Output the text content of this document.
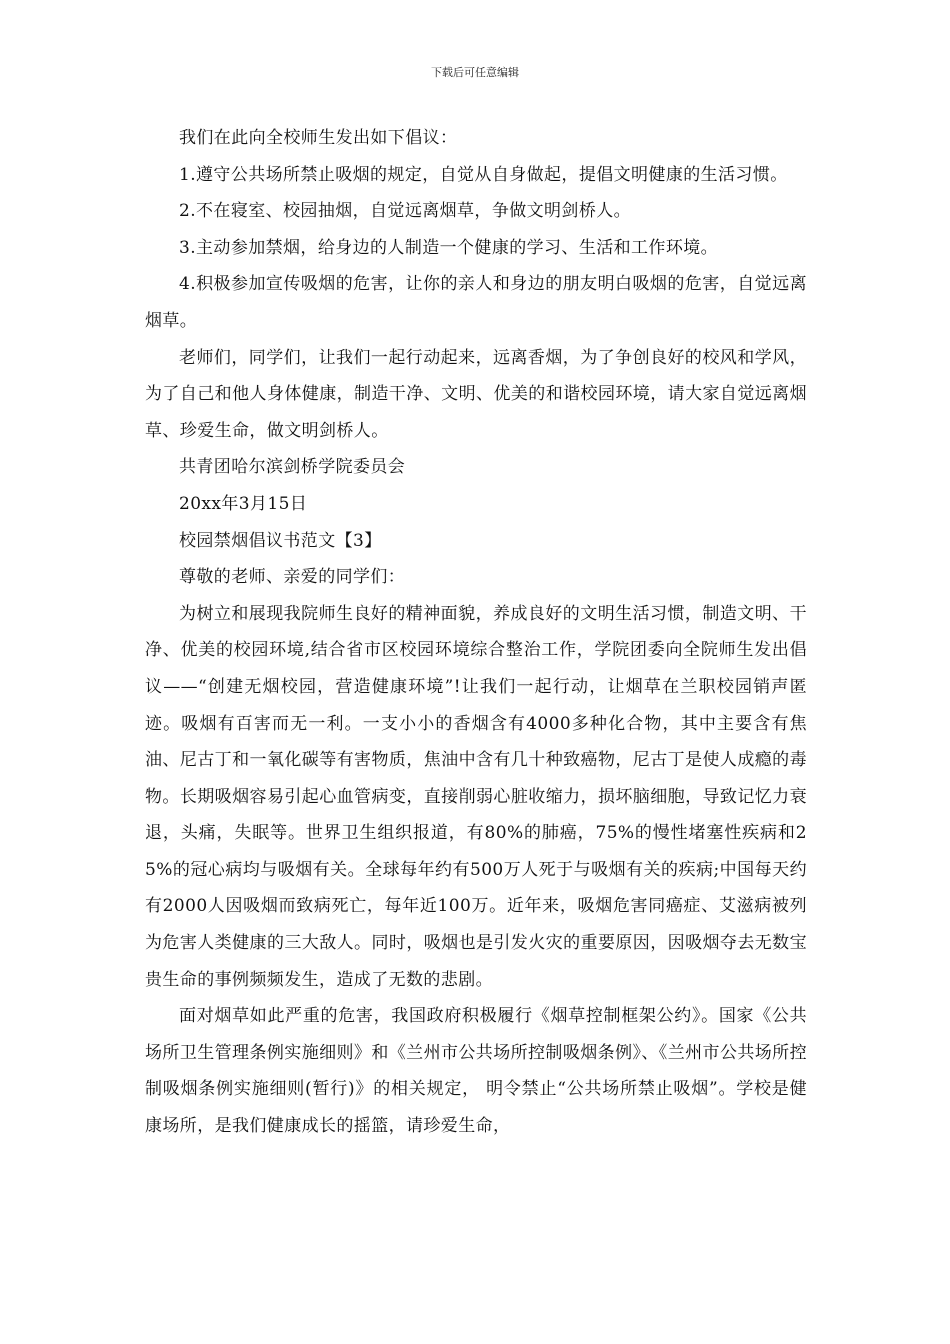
下载后可任意编辑

我们在此向全校师生发出如下倡议：

1.遵守公共场所禁止吸烟的规定，自觉从自身做起，提倡文明健康的生活习惯。

2.不在寝室、校园抽烟，自觉远离烟草，争做文明剑桥人。

3.主动参加禁烟，给身边的人制造一个健康的学习、生活和工作环境。

4.积极参加宣传吸烟的危害，让你的亲人和身边的朋友明白吸烟的危害，自觉远离烟草。

老师们，同学们，让我们一起行动起来，远离香烟，为了争创良好的校风和学风，为了自己和他人身体健康，制造干净、文明、优美的和谐校园环境，请大家自觉远离烟草、珍爱生命，做文明剑桥人。

共青团哈尔滨剑桥学院委员会

20xx年3月15日

校园禁烟倡议书范文【3】

尊敬的老师、亲爱的同学们：

为树立和展现我院师生良好的精神面貌，养成良好的文明生活习惯，制造文明、干净、优美的校园环境,结合省市区校园环境综合整治工作，学院团委向全院师生发出倡议——“创建无烟校园，营造健康环境”!让我们一起行动，让烟草在兰职校园销声匿迹。吸烟有百害而无一利。一支小小的香烟含有4000多种化合物，其中主要含有焦油、尼古丁和一氧化碳等有害物质，焦油中含有几十种致癌物，尼古丁是使人成瘾的毒物。长期吸烟容易引起心血管病变，直接削弱心脏收缩力，损坏脑细胞，导致记忆力衰退，头痛，失眠等。世界卫生组织报道，有80%的肺癌，75%的慢性堵塞性疾病和25%的冠心病均与吸烟有关。全球每年约有500万人死于与吸烟有关的疾病;中国每天约有2000人因吸烟而致病死亡，每年近100万。近年来，吸烟危害同癌症、艾滋病被列为危害人类健康的三大敌人。同时，吸烟也是引发火灾的重要原因，因吸烟夺去无数宝贵生命的事例频频发生，造成了无数的悲剧。

面对烟草如此严重的危害，我国政府积极履行《烟草控制框架公约》。国家《公共场所卫生管理条例实施细则》和《兰州市公共场所控制吸烟条例》、《兰州市公共场所控制吸烟条例实施细则(暂行)》的相关规定， 明令禁止“公共场所禁止吸烟”。学校是健康场所，是我们健康成长的摇篮，请珍爱生命，
